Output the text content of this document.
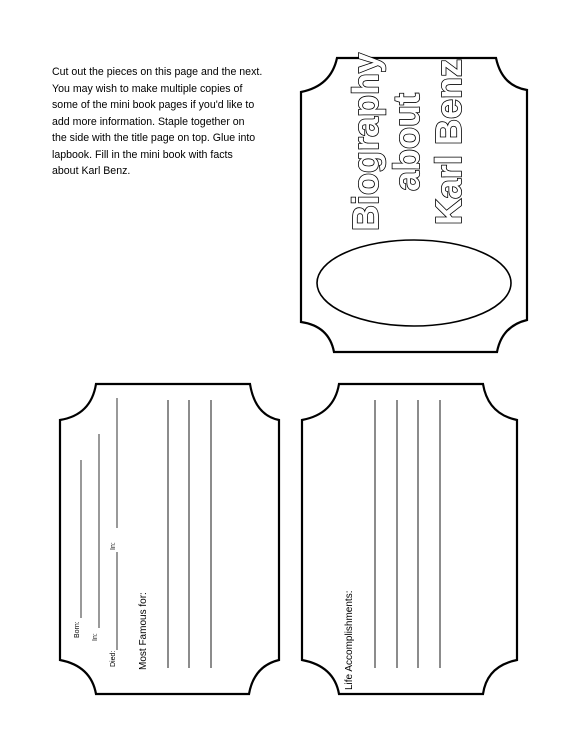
Cut out the pieces on this page and the next.
You may wish to make multiple copies of
some of the mini book pages if you'd like to
add more information. Staple together on
the side with the title page on top. Glue into
lapbook. Fill in the mini book with facts
about Karl Benz.	Biography about Karl Benz
Born: In:
Died:
In:
Most Famous for:	Life Accomplishments:
